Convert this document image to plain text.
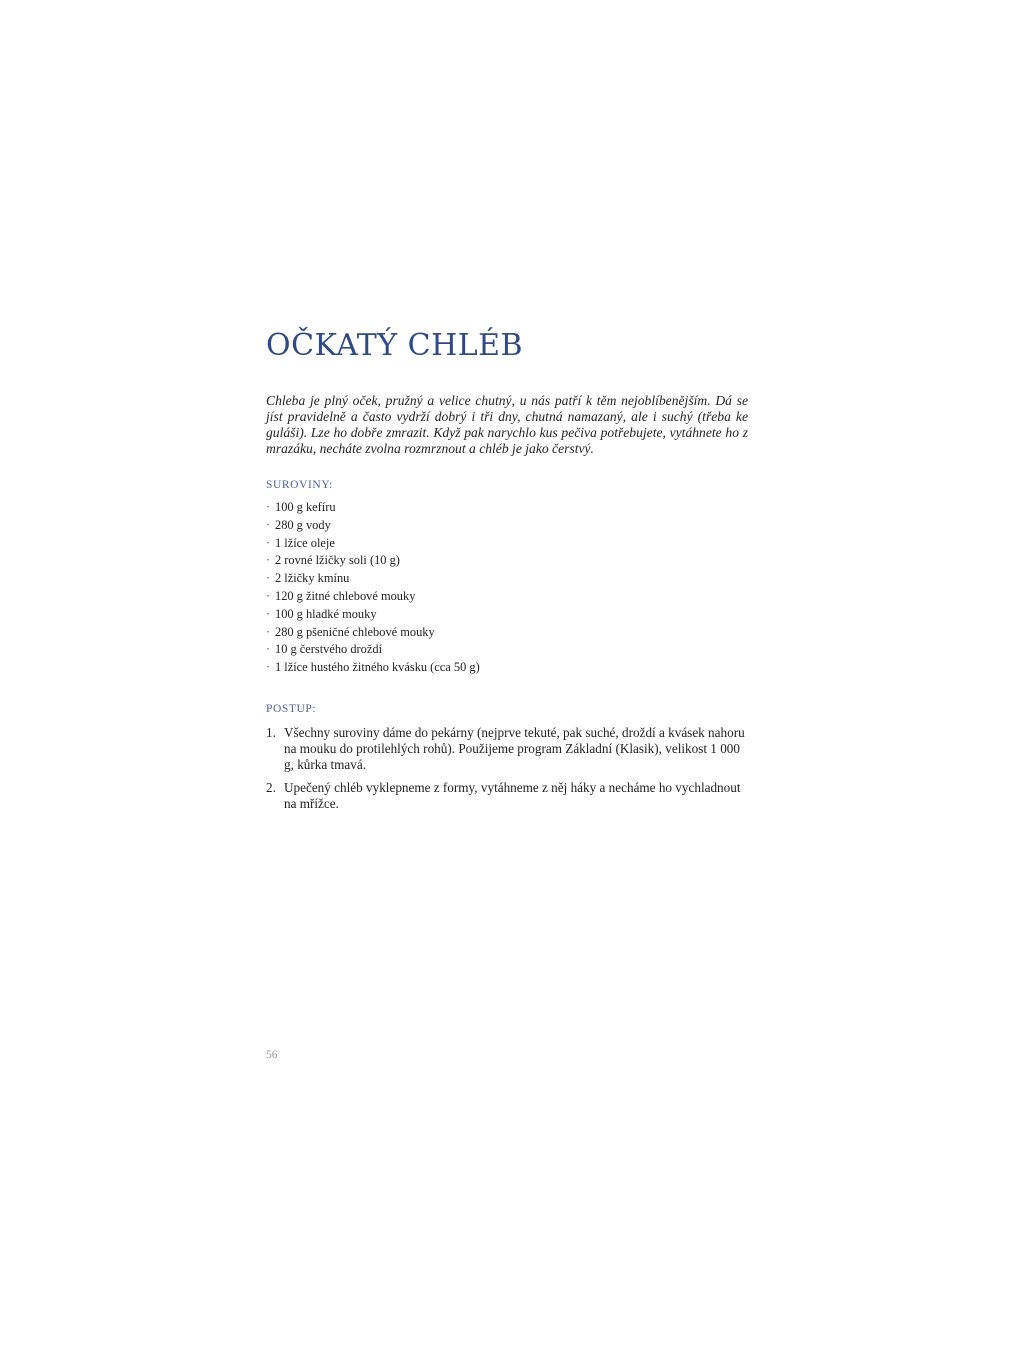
OČKATÝ CHLÉB

Chleba je plný oček, pružný a velice chutný, u nás patří k těm nejoblíbenějším. Dá se jíst pravidelně a často vydrží dobrý i tři dny, chutná namazaný, ale i suchý (třeba ke guláši). Lze ho dobře zmrazit. Když pak narychlo kus pečiva potřebujete, vytáhnete ho z mrazáku, necháte zvolna rozmrznout a chléb je jako čerstvý.

SUROVINY:
· 100 g kefíru
· 280 g vody
· 1 lžíce oleje
· 2 rovné lžičky soli (10 g)
· 2 lžičky kmínu
· 120 g žitné chlebové mouky
· 100 g hladké mouky
· 280 g pšeničné chlebové mouky
· 10 g čerstvého droždí
· 1 lžíce hustého žitného kvásku (cca 50 g)
POSTUP:
1. Všechny suroviny dáme do pekárny (nejprve tekuté, pak suché, droždí a kvásek nahoru na mouku do protilehlých rohů). Použijeme program Základní (Klasik), velikost 1 000 g, kůrka tmavá.
2. Upečený chléb vyklepneme z formy, vytáhneme z něj háky a necháme ho vychladnout na mřížce.
56
